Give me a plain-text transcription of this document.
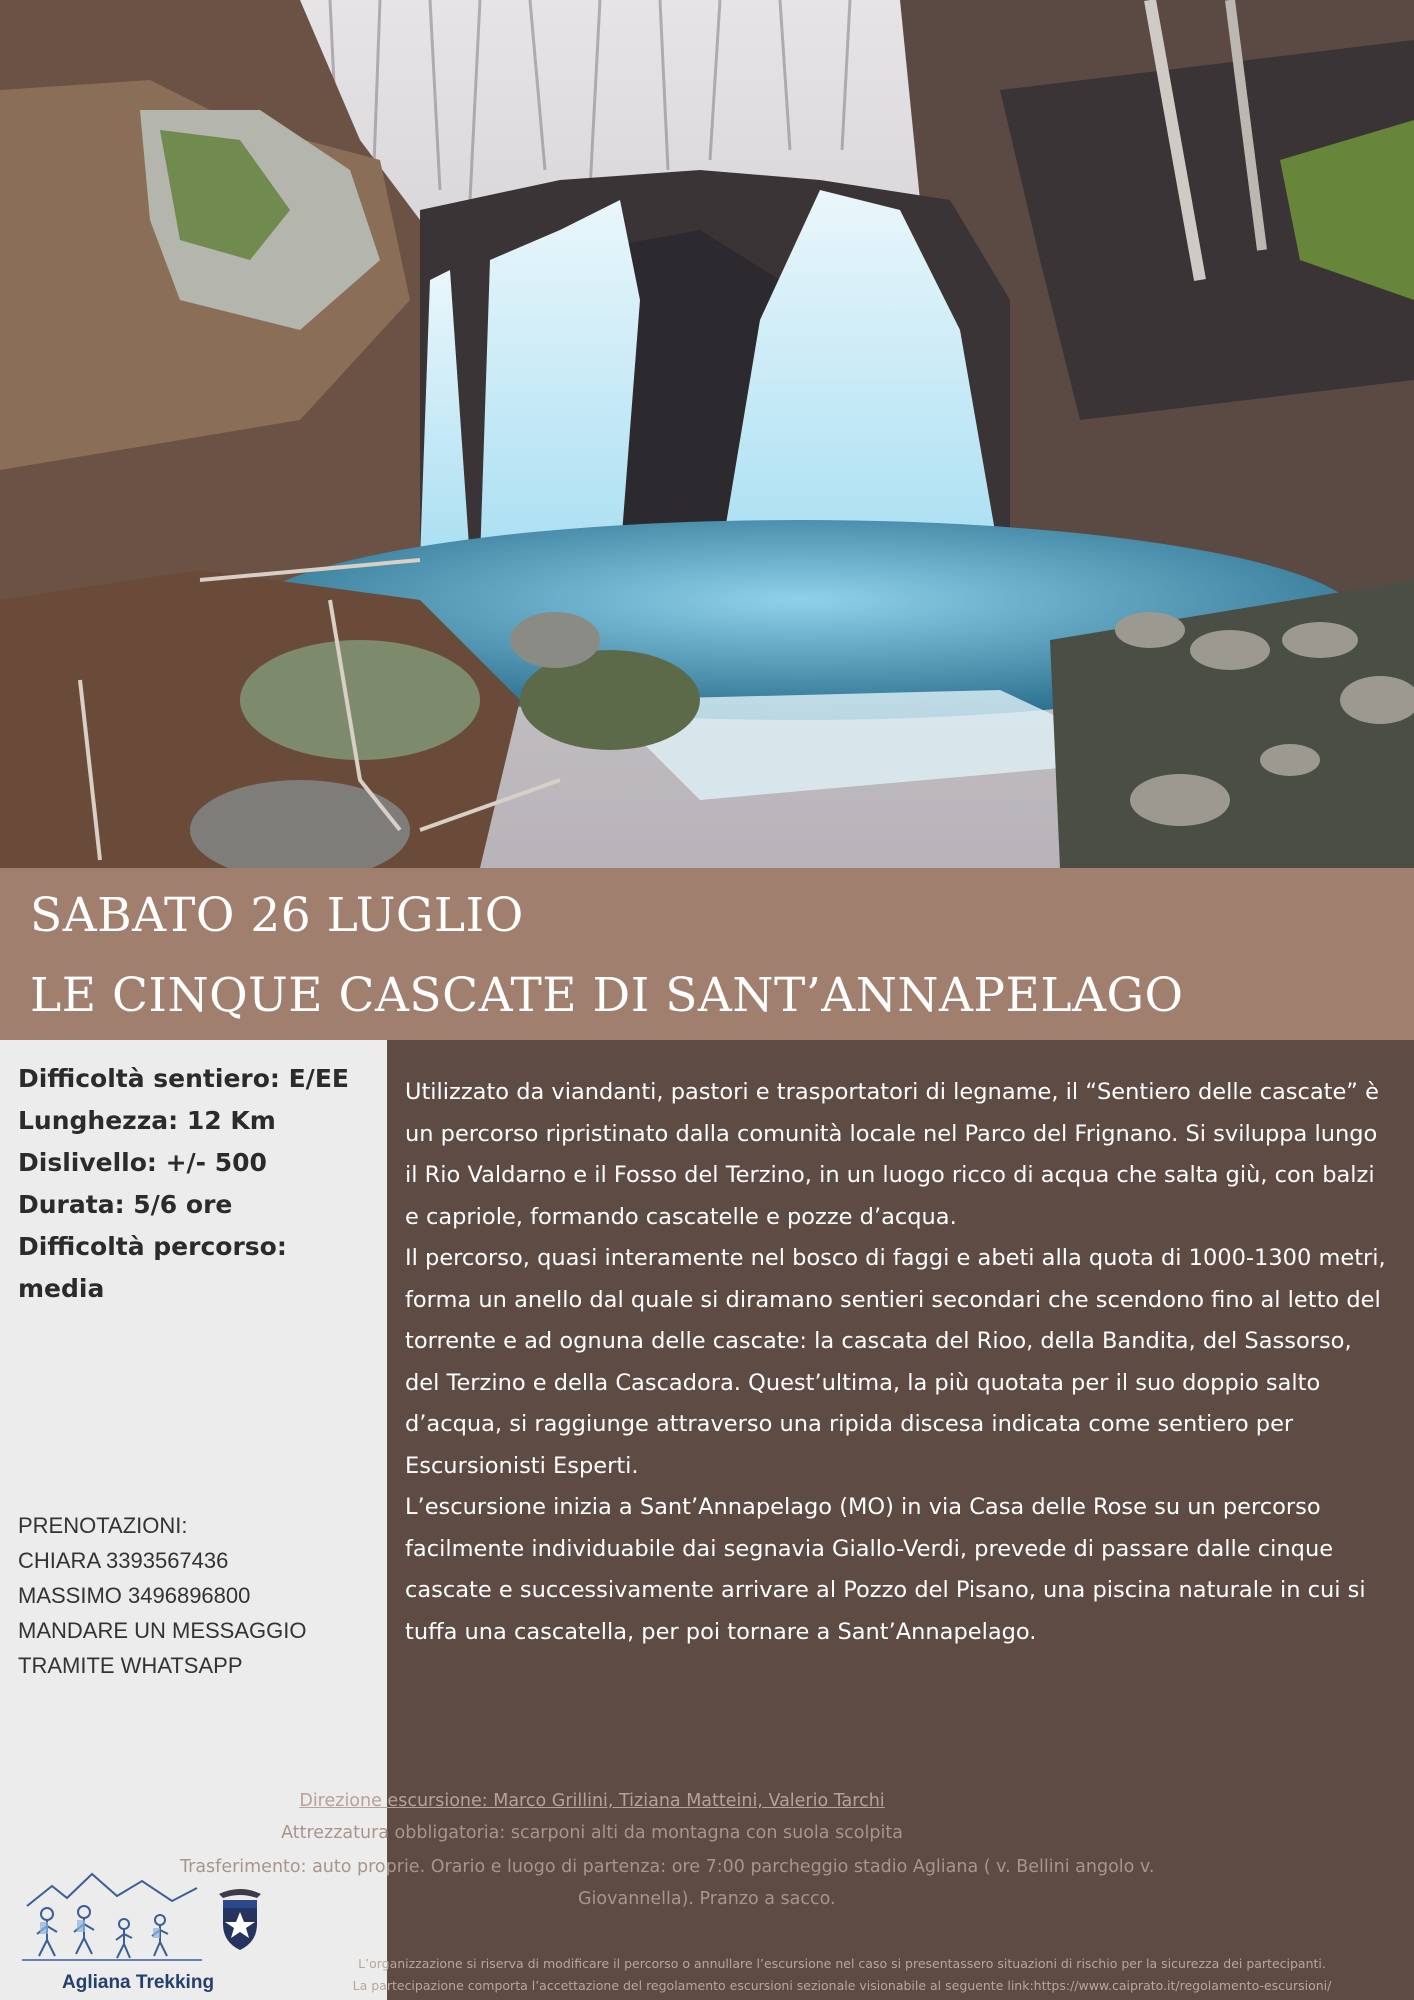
SABATO 26 LUGLIO
LE CINQUE CASCATE DI SANT’ANNAPELAGO
Difficoltà sentiero: E/EE
Lunghezza: 12 Km
Dislivello: +/- 500
Durata: 5/6 ore
Difficoltà percorso:
media
PRENOTAZIONI:
CHIARA 3393567436
MASSIMO 3496896800
MANDARE UN MESSAGGIO
TRAMITE WHATSAPP

Utilizzato da viandanti, pastori e trasportatori di legname, il “Sentiero delle cascate” è un percorso ripristinato dalla comunità locale nel Parco del Frignano. Si sviluppa lungo il Rio Valdarno e il Fosso del Terzino, in un luogo ricco di acqua che salta giù, con balzi e capriole, formando cascatelle e pozze d’acqua.

Il percorso, quasi interamente nel bosco di faggi e abeti alla quota di 1000-1300 metri, forma un anello dal quale si diramano sentieri secondari che scendono fino al letto del torrente e ad ognuna delle cascate: la cascata del Rioo, della Bandita, del Sassorso, del Terzino e della Cascadora. Quest’ultima, la più quotata per il suo doppio salto d’acqua, si raggiunge attraverso una ripida discesa indicata come sentiero per Escursionisti Esperti.

L’escursione inizia a Sant’Annapelago (MO) in via Casa delle Rose su un percorso facilmente individuabile dai segnavia Giallo-Verdi, prevede di passare dalle cinque cascate e successivamente arrivare al Pozzo del Pisano, una piscina naturale in cui si tuffa una cascatella, per poi tornare a Sant’Annapelago.

Direzione escursione: Marco Grillini, Tiziana Matteini, Valerio Tarchi
Attrezzatura obbligatoria: scarponi alti da montagna con suola scolpita
Trasferimento: auto proprie. Orario e luogo di partenza: ore 7:00 parcheggio stadio Agliana ( v. Bellini angolo v.
Giovannella). Pranzo a sacco.
L’organizzazione si riserva di modificare il percorso o annullare l’escursione nel caso si presentassero situazioni di rischio per la sicurezza dei partecipanti.
La partecipazione comporta l’accettazione del regolamento escursioni sezionale visionabile al seguente link:https://www.caiprato.it/regolamento-escursioni/
Agliana Trekking
